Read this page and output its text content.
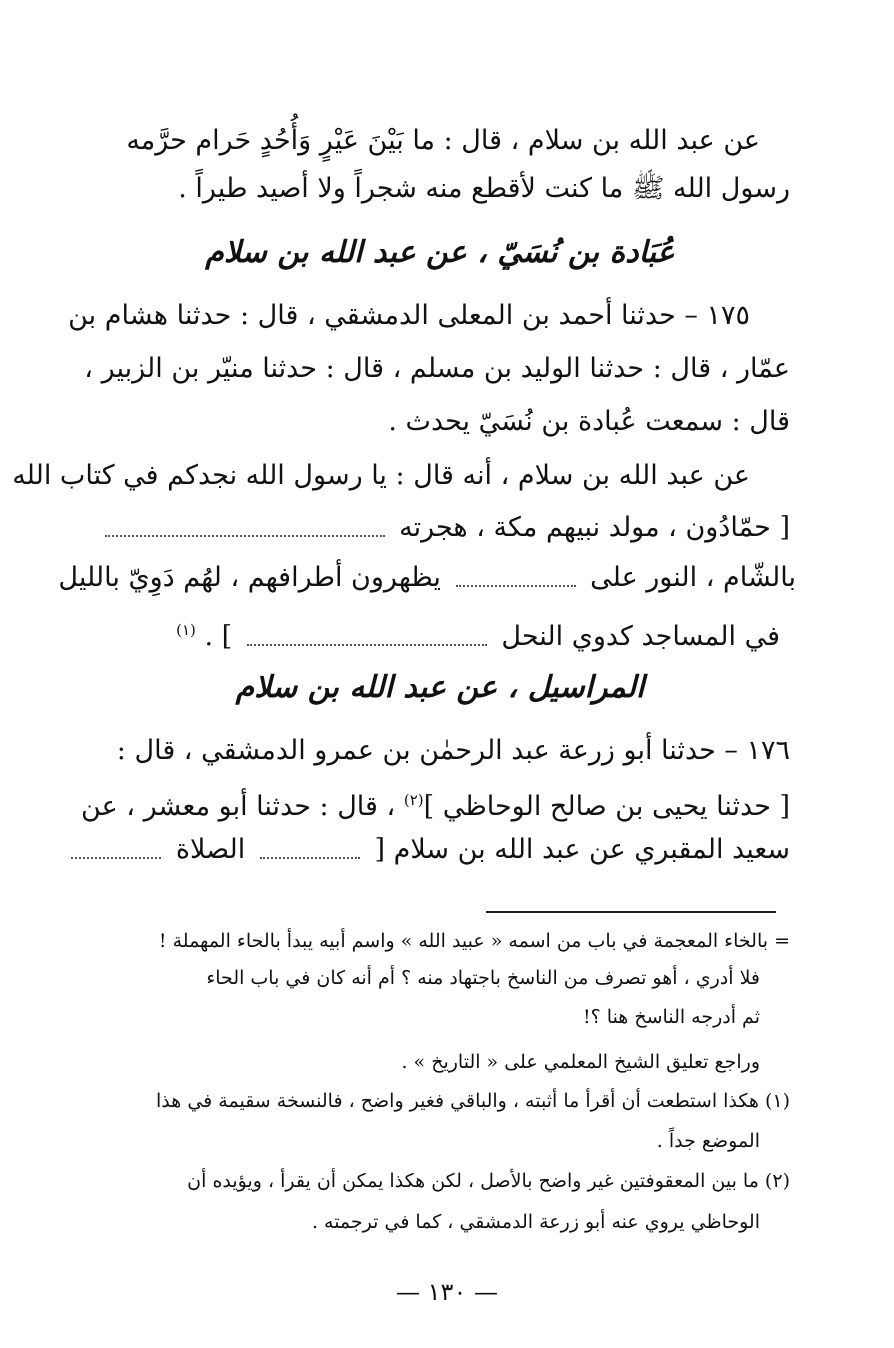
عن عبد الله بن سلام ، قال : ما بَيْنَ عَيْرٍ وَأُحُدٍ حَرام حرَّمه
رسول الله ﷺ ما كنت لأقطع منه شجراً ولا أصيد طيراً .
عُبَادة بن نُسَيّ ، عن عبد الله بن سلام
١٧٥ – حدثنا أحمد بن المعلى الدمشقي ، قال : حدثنا هشام بن
عمّار ، قال : حدثنا الوليد بن مسلم ، قال : حدثنا منيّر بن الزبير ،
قال : سمعت عُبادة بن نُسَيّ يحدث .
عن عبد الله بن سلام ، أنه قال : يا رسول الله نجدكم في كتاب الله
[ حمّادُون ، مولد نبيهم مكة ، هجرته
بالشّام ، النور على  يظهرون أطرافهم ، لهُم دَوِيّ بالليل
في المساجد كدوي النحل  ] . $^{(١)}$
المراسيل ، عن عبد الله بن سلام
١٧٦ – حدثنا أبو زرعة عبد الرحمٰن بن عمرو الدمشقي ، قال :
[ حدثنا يحيى بن صالح الوحاظي ]$^{(٢)}$ ، قال : حدثنا أبو معشر ، عن
سعيد المقبري عن عبد الله بن سلام [  الصلاة
= بالخاء المعجمة في باب من اسمه « عبيد الله » واسم أبيه يبدأ بالحاء المهملة !
فلا أدري ، أهو تصرف من الناسخ باجتهاد منه ؟ أم أنه كان في باب الحاء
ثم أدرجه الناسخ هنا ؟!
وراجع تعليق الشيخ المعلمي على « التاريخ » .
(١) هكذا استطعت أن أقرأ ما أثبته ، والباقي فغير واضح ، فالنسخة سقيمة في هذا
الموضع جداً .
(٢) ما بين المعقوفتين غير واضح بالأصل ، لكن هكذا يمكن أن يقرأ ، ويؤيده أن
الوحاظي يروي عنه أبو زرعة الدمشقي ، كما في ترجمته .
— ١٣٠ —
